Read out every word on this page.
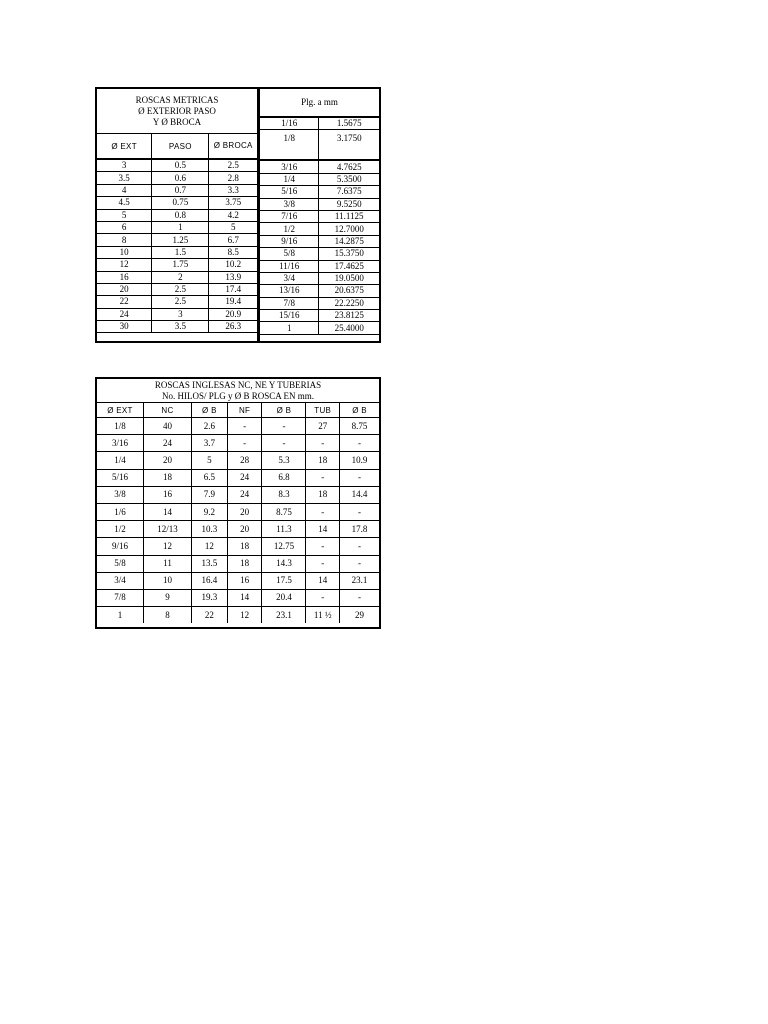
ROSCAS METRICAS
Ø EXTERIOR PASO
Y Ø BROCA		

Ø EXT	PASO	Ø BROCA
3	0.5	2.5
3.5	0.6	2.8
4	0.7	3.3
4.5	0.75	3.75
5	0.8	4.2
6	1	5
8	1.25	6.7
10	1.5	8.5
12	1.75	10.2
16	2	13.9
20	2.5	17.4
22	2.5	19.4
24	3	20.9
30	3.5	26.3
Plg. a mm	
1/16	1.5675
1/8	3.1750
3/16	4.7625
1/4	5.3500
5/16	7.6375
3/8	9.5250
7/16	11.1125
1/2	12.7000
9/16	14.2875
5/8	15.3750
11/16	17.4625
3/4	19.0500
13/16	20.6375
7/8	22.2250
15/16	23.8125
1	25.4000
ROSCAS INGLESAS NC, NE Y TUBERIAS
No. HILOS/ PLG y Ø B ROSCA EN mm.						

Ø EXT	NC	Ø B	NF	Ø B	TUB	Ø B
1/8	40	2.6	-	-	27	8.75
3/16	24	3.7	-	-	-	-
1/4	20	5	28	5.3	18	10.9
5/16	18	6.5	24	6.8	-	-
3/8	16	7.9	24	8.3	18	14.4
1/6	14	9.2	20	8.75	-	-
1/2	12/13	10.3	20	11.3	14	17.8
9/16	12	12	18	12.75	-	-
5/8	11	13.5	18	14.3	-	-
3/4	10	16.4	16	17.5	14	23.1
7/8	9	19.3	14	20.4	-	-
1	8	22	12	23.1	11 ½	29
